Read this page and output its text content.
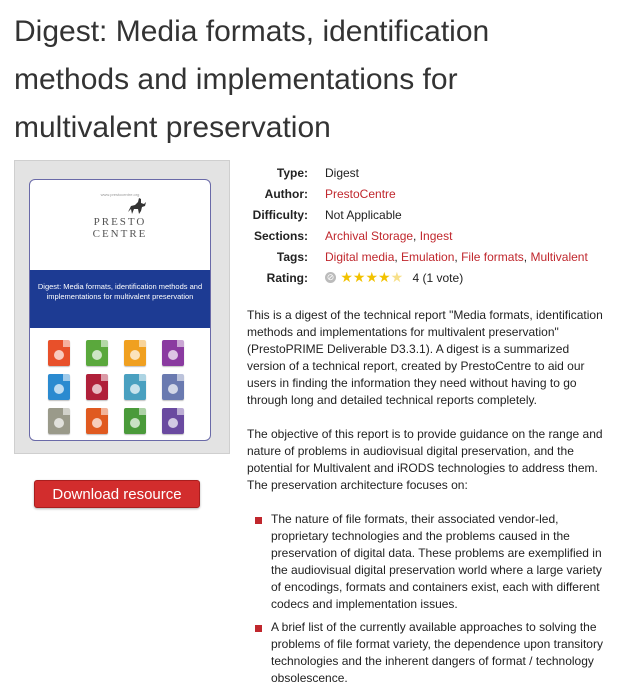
Digest: Media formats, identification methods and implementations for multivalent preservation
www.prestocentre.org
PRESTO
CENTRE
Digest: Media formats, identification methods and implementations for multivalent preservation
Download resource
Type: Digest
Author: PrestoCentre
Difficulty: Not Applicable
Sections: Archival Storage, Ingest
Tags: Digital media, Emulation, File formats, Multivalent
Rating: ⊘ ★★★★★ 4 (1 vote)
This is a digest of the technical report "Media formats, identification methods and implementations for multivalent preservation" (PrestoPRIME Deliverable D3.3.1). A digest is a summarized version of a technical report, created by PrestoCentre to aid our users in finding the information they need without having to go through long and detailed technical reports completely.
The objective of this report is to provide guidance on the range and nature of problems in audiovisual digital preservation, and the potential for Multivalent and iRODS technologies to address them. The preservation architecture focuses on:
The nature of file formats, their associated vendor-led, proprietary technologies and the problems caused in the preservation of digital data. These problems are exemplified in the audiovisual digital preservation world where a large variety of encodings, formats and containers exist, each with different codecs and implementation issues.
A brief list of the currently available approaches to solving the problems of file format variety, the dependence upon transitory technologies and the inherent dangers of format / technology obsolescence.
